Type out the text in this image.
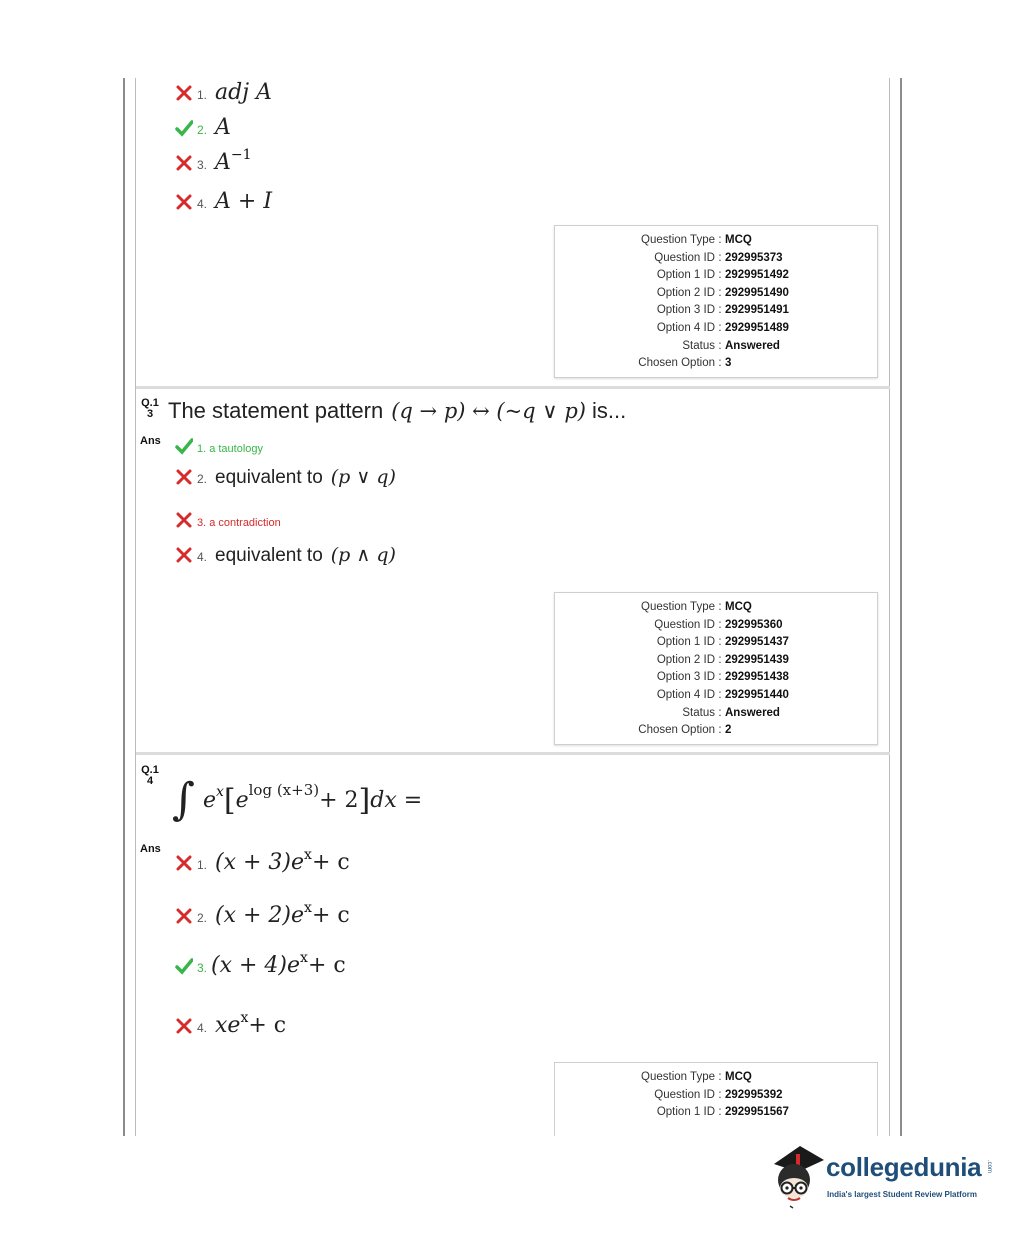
1. adj A
2. A
3. A −1
4. A + I
Question Type : MCQ
Question ID : 292995373
Option 1 ID : 2929951492
Option 2 ID : 2929951490
Option 3 ID : 2929951491
Option 4 ID : 2929951489
Status : Answered
Chosen Option : 3
Q.1
3 The statement pattern (q → p) ↔ (~q ∨ p) is...
Ans
1. a tautology
2. equivalent to (p ∨ q)
3. a contradiction
4. equivalent to (p ∧ q)
Question Type : MCQ
Question ID : 292995360
Option 1 ID : 2929951437
Option 2 ID : 2929951439
Option 3 ID : 2929951438
Option 4 ID : 2929951440
Status : Answered
Chosen Option : 2
Q.1
4 ∫ e x [ e log (x+3) + 2 ] dx =
Ans
1. (x + 3)e x + c
2. (x + 2)e x + c
3. (x + 4)e x + c
4. xe x + c
Question Type : MCQ
Question ID : 292995392
Option 1 ID : 2929951567
collegedunia .com
India's largest Student Review Platform
